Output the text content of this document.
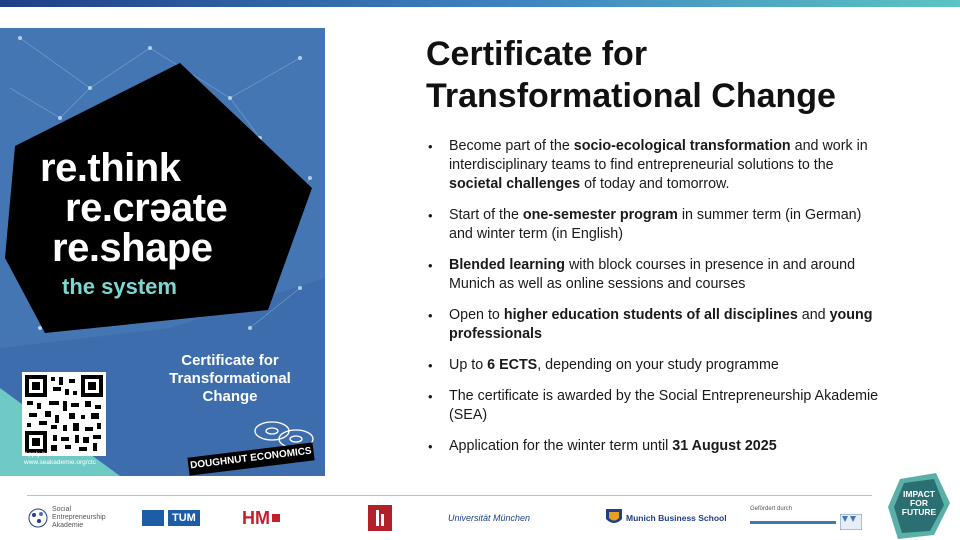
re.think
re.crəate
re.shape
the system
Certificate for
Transformational
Change
DOUGHNUT ECONOMICS
Apply here:
www.seakademie.org/ctc
Certificate for
Transformational Change
• Become part of the socio-ecological transformation and work in interdisciplinary teams to find entrepreneurial solutions to the societal challenges of today and tomorrow.
• Start of the one-semester program in summer term (in German) and winter term (in English)
• Blended learning with block courses in presence in and around Munich as well as online sessions and courses
• Open to higher education students of all disciplines and young professionals
• Up to 6 ECTS, depending on your study programme
• The certificate is awarded by the Social Entrepreneurship Akademie (SEA)
• Application for the winter term until 31 August 2025
Social Entrepreneurship Akademie
TUM	HM	Universität München	Munich Business School
Gefördert durch
IMPACT
FOR
FUTURE
